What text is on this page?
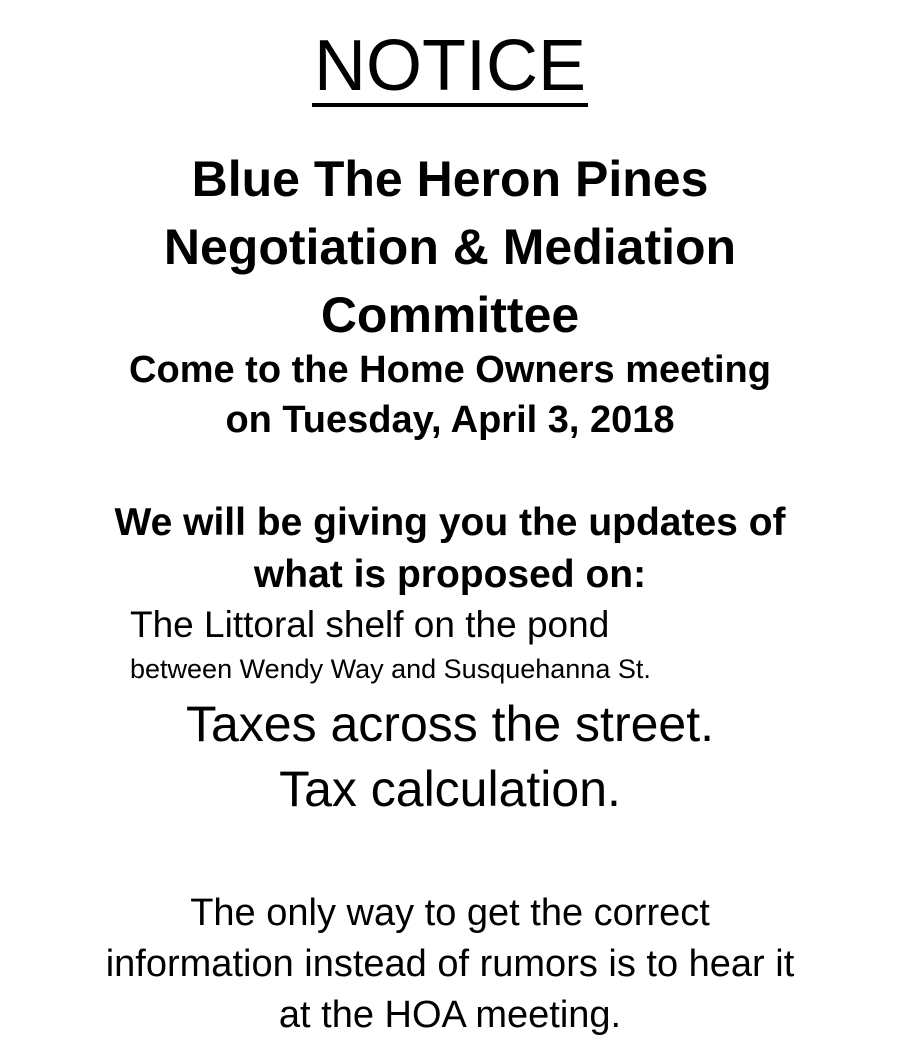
NOTICE
Blue The Heron Pines
Negotiation & Mediation
Committee
Come to the Home Owners meeting
on Tuesday, April 3, 2018
We will be giving you the updates of
what is proposed on:
The Littoral shelf on the pond
between Wendy Way and Susquehanna St.
Taxes across the street.
Tax calculation.
The only way to get the correct
information instead of rumors is to hear it
at the HOA meeting.
